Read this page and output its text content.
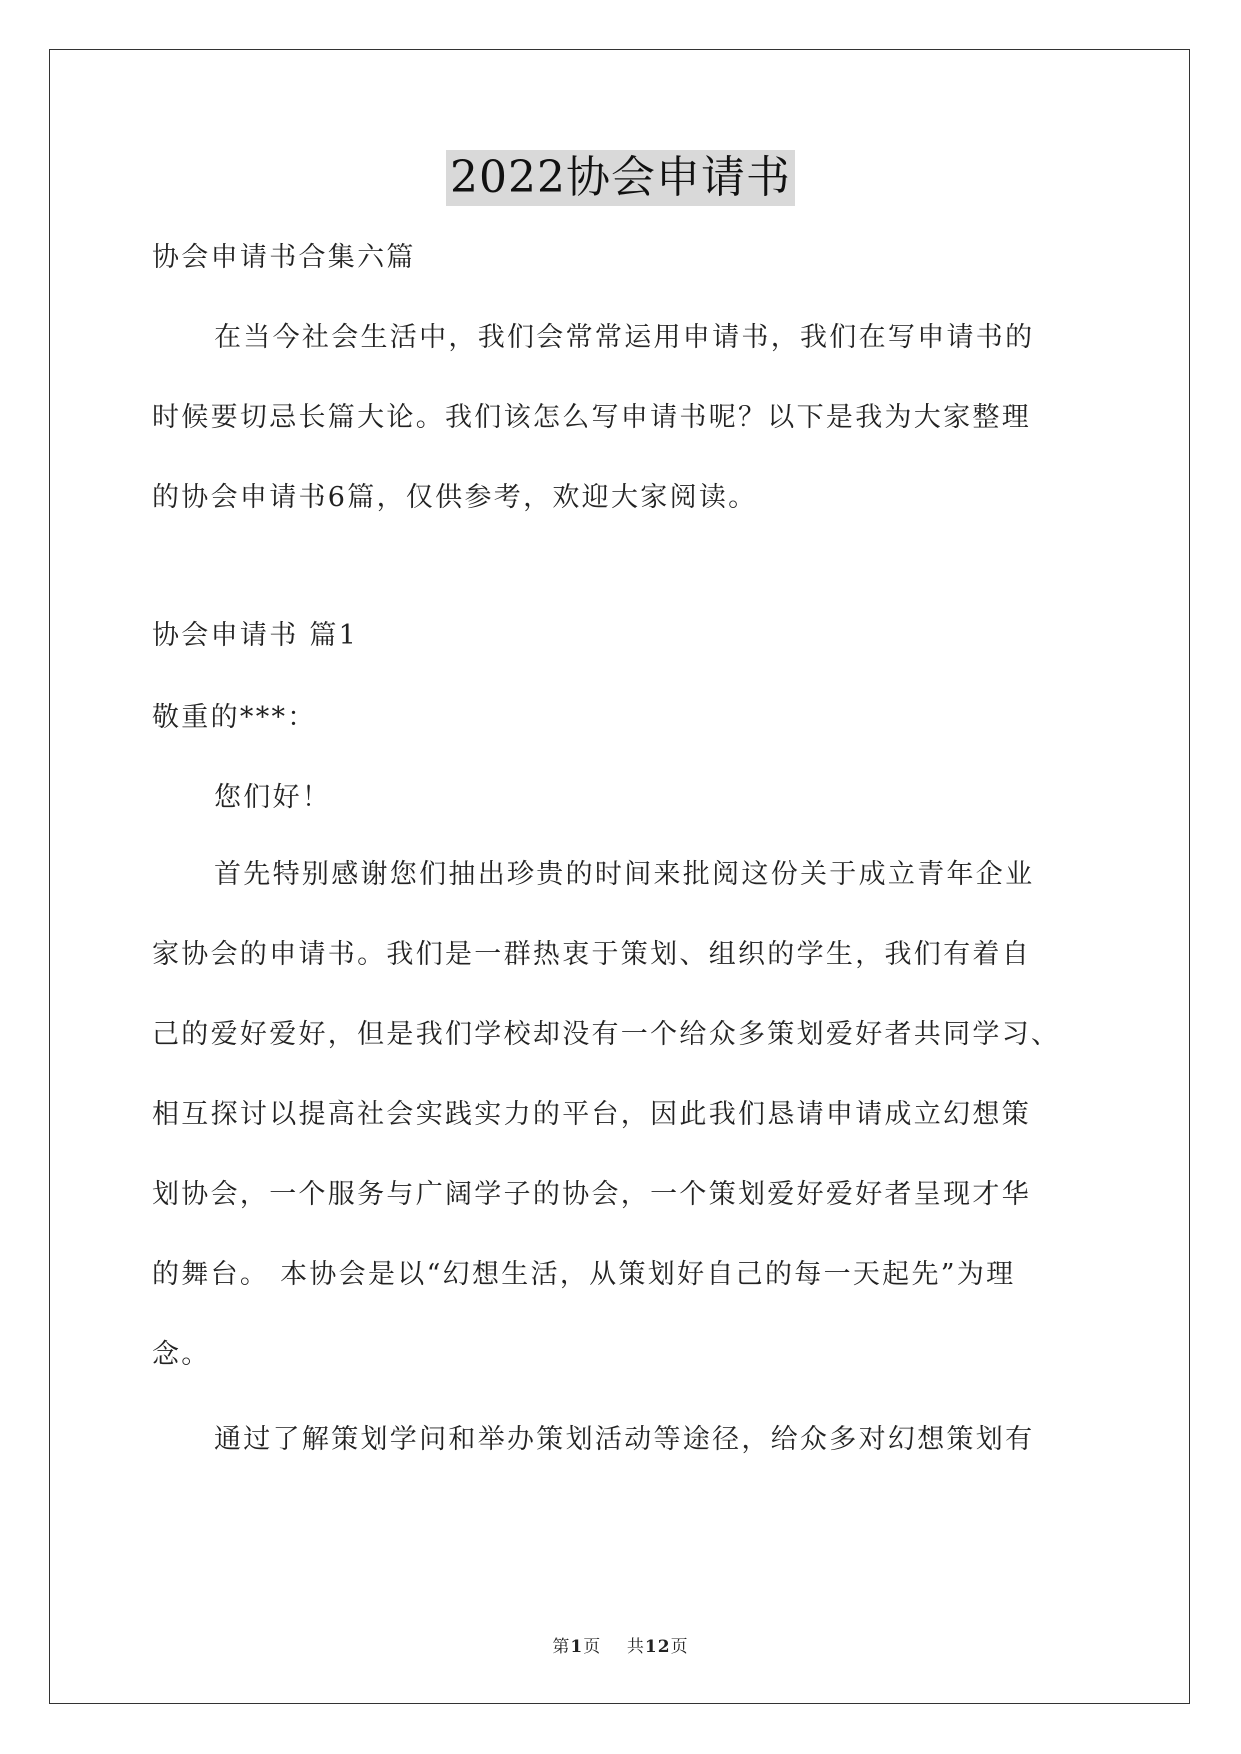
2022协会申请书

协会申请书合集六篇

在当今社会生活中，我们会常常运用申请书，我们在写申请书的

时候要切忌长篇大论。我们该怎么写申请书呢？以下是我为大家整理

的协会申请书6篇，仅供参考，欢迎大家阅读。

协会申请书 篇1

敬重的***：

您们好！

首先特别感谢您们抽出珍贵的时间来批阅这份关于成立青年企业

家协会的申请书。我们是一群热衷于策划、组织的学生，我们有着自

己的爱好爱好，但是我们学校却没有一个给众多策划爱好者共同学习、

相互探讨以提高社会实践实力的平台，因此我们恳请申请成立幻想策

划协会，一个服务与广阔学子的协会，一个策划爱好爱好者呈现才华

的舞台。 本协会是以“幻想生活，从策划好自己的每一天起先”为理

念。

通过了解策划学问和举办策划活动等途径，给众多对幻想策划有

第1页 共12页
